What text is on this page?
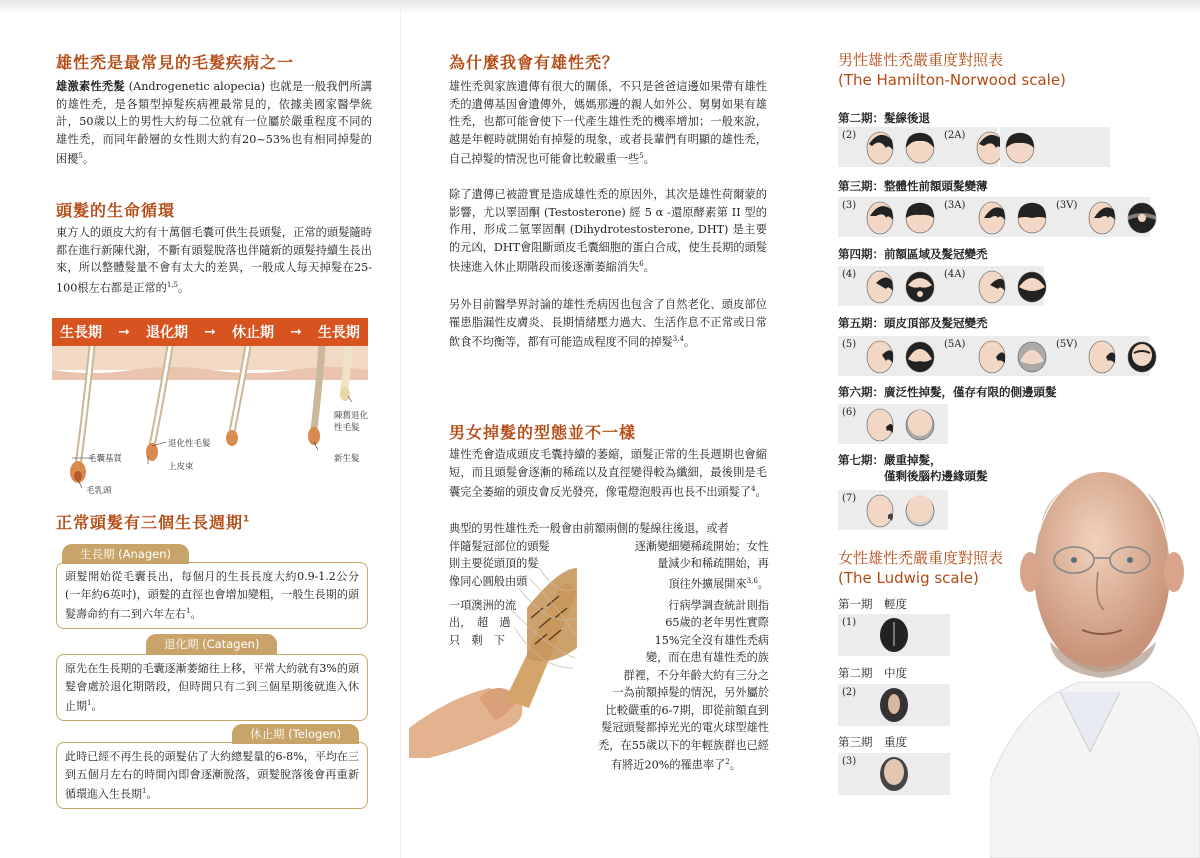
雄性禿是最常見的毛髮疾病之一

雄激素性禿髮 (Androgenetic alopecia) 也就是一般我們所講的雄性禿，是各類型掉髮疾病裡最常見的，依據美國家醫學統計，50歲以上的男性大約每二位就有一位屬於嚴重程度不同的雄性禿，而同年齡層的女性則大約有20~53%也有相同掉髮的困擾$^5$。

頭髮的生命循環

東方人的頭皮大約有十萬個毛囊可供生長頭髮，正常的頭髮隨時都在進行新陳代謝，不斷有頭髮脫落也伴隨新的頭髮持續生長出來，所以整體髮量不會有太大的差異，一般成人每天掉髮在25-100根左右都是正常的$^{1,5}$。

生長期 ➞ 退化期 ➞ 休止期 ➞ 生長期
毛囊基質
毛乳頭
退化性毛髮
上皮束
陳舊退化性毛髮
新生髮
正常頭髮有三個生長週期$^1$
生長期 (Anagen)
頭髮開始從毛囊長出，每個月的生長長度大約0.9-1.2公分 (一年約6英吋)，頭髮的直徑也會增加變粗，一般生長期的頭髮壽命約有二到六年左右$^1$。
退化期 (Catagen)
原先在生長期的毛囊逐漸萎縮往上移，平常大約就有3%的頭髮會處於退化期階段，但時間只有二到三個星期後就進入休止期$^1$。
休止期 (Telogen)
此時已經不再生長的頭髮佔了大約總髮量的6-8%，平均在三到五個月左右的時間內即會逐漸脫落，頭髮脫落後會再重新循環進入生長期$^1$。
為什麼我會有雄性禿？

雄性禿與家族遺傳有很大的關係，不只是爸爸這邊如果帶有雄性禿的遺傳基因會遺傳外，媽媽那邊的親人如外公、舅舅如果有雄性禿，也都可能會使下一代產生雄性禿的機率增加；一般來說，越是年輕時就開始有掉髮的現象，或者長輩們有明顯的雄性禿，自己掉髮的情況也可能會比較嚴重一些$^5$。

除了遺傳已被證實是造成雄性禿的原因外，其次是雄性荷爾蒙的影響，尤以睪固酮 (Testosterone) 經 5 α -還原酵素第 II 型的作用，形成二氫睪固酮 (Dihydrotestosterone, DHT) 是主要的元凶，DHT會阻斷頭皮毛囊細胞的蛋白合成，使生長期的頭髮快速進入休止期階段而後逐漸萎縮消失$^6$。

另外目前醫學界討論的雄性禿病因也包含了自然老化、頭皮部位罹患脂漏性皮膚炎、長期情緒壓力過大、生活作息不正常或日常飲食不均衡等，都有可能造成程度不同的掉髮$^{3,4}$。

男女掉髮的型態並不一樣

雄性禿會造成頭皮毛囊持續的萎縮，頭髮正常的生長週期也會縮短，而且頭髮會逐漸的稀疏以及直徑變得較為纖細，最後則是毛囊完全萎縮的頭皮會反光發亮，像電燈泡般再也長不出頭髮了$^4$。

典型的男性雄性禿一般會由前額兩側的髮線往後退，或者
伴隨髮冠部位的頭髮	逐漸變細變稀疏開始；女性
則主要從頭頂的髮	量減少和稀疏開始，再
像同心圓般由頭	頂往外擴展開來$^{3,6}$。
一項澳洲的流	行病學調查統計則指
出，　超　過	65歲的老年男性實際
只　剩　下	15%完全沒有雄性禿病
變，而在患有雄性禿的族
群裡，不分年齡大約有三分之
一為前額掉髮的情況，另外屬於
比較嚴重的6-7期，即從前額直到
髮冠頭髮都掉光光的電火球型雄性
禿，在55歲以下的年輕族群也已經
有將近20%的罹患率了$^2$。
男性雄性禿嚴重度對照表
(The Hamilton-Norwood scale)
第二期：髮線後退
(2)	(2A)
第三期：整體性前額頭髮變薄
(3)	(3A)	(3V)
第四期：前額區域及髮冠變禿
(4)	(4A)
第五期：頭皮頂部及髮冠變禿
(5)	(5A)	(5V)
第六期：廣泛性掉髮，僅存有限的側邊頭髮
(6)
第七期：嚴重掉髮，
僅剩後腦杓邊緣頭髮
(7)
女性雄性禿嚴重度對照表
(The Ludwig scale)
第一期　輕度
(1)
第二期　中度
(2)
第三期　重度
(3)
